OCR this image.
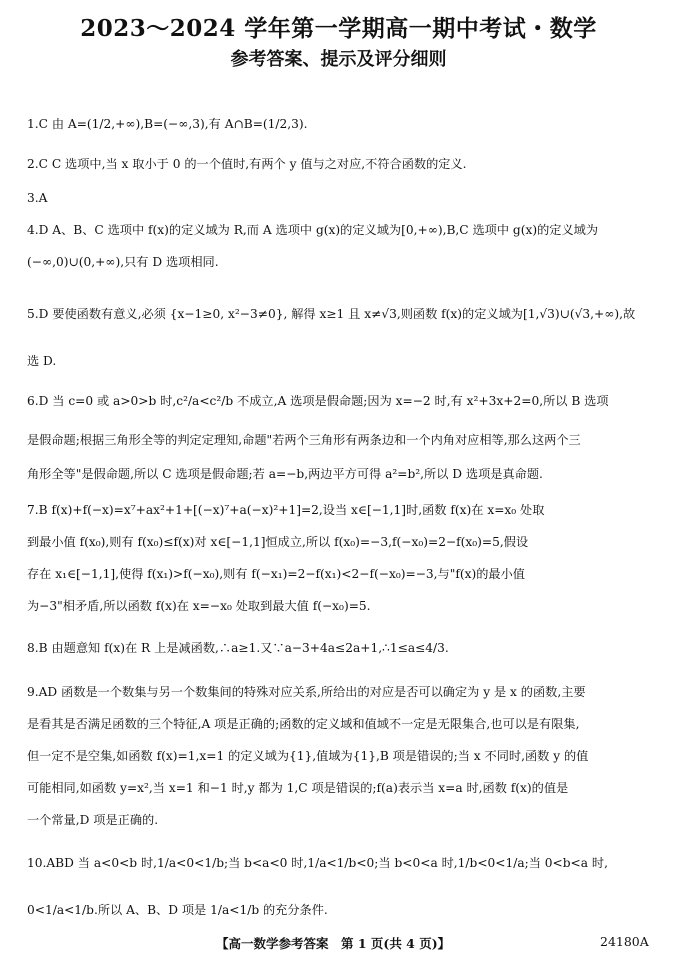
2023～2024 学年第一学期高一期中考试・数学
参考答案、提示及评分细则
1.C 由 A=(1/2,+∞),B=(−∞,3),有 A∩B=(1/2,3).
2.C C 选项中,当 x 取小于 0 的一个值时,有两个 y 值与之对应,不符合函数的定义.
3.A
4.D A、B、C 选项中 f(x)的定义域为 R,而 A 选项中 g(x)的定义域为[0,+∞),B,C 选项中 g(x)的定义域为
(−∞,0)∪(0,+∞),只有 D 选项相同.
5.D 要使函数有意义,必须 {x−1≥0, x²−3≠0}, 解得 x≥1 且 x≠√3,则函数 f(x)的定义域为[1,√3)∪(√3,+∞),故
选 D.
6.D 当 c=0 或 a>0>b 时,c²/a<c²/b 不成立,A 选项是假命题;因为 x=−2 时,有 x²+3x+2=0,所以 B 选项
是假命题;根据三角形全等的判定定理知,命题"若两个三角形有两条边和一个内角对应相等,那么这两个三
角形全等"是假命题,所以 C 选项是假命题;若 a=−b,两边平方可得 a²=b²,所以 D 选项是真命题.
7.B f(x)+f(−x)=x⁷+ax²+1+[(−x)⁷+a(−x)²+1]=2,设当 x∈[−1,1]时,函数 f(x)在 x=x₀ 处取
到最小值 f(x₀),则有 f(x₀)≤f(x)对 x∈[−1,1]恒成立,所以 f(x₀)=−3,f(−x₀)=2−f(x₀)=5,假设
存在 x₁∈[−1,1],使得 f(x₁)>f(−x₀),则有 f(−x₁)=2−f(x₁)<2−f(−x₀)=−3,与"f(x)的最小值
为−3"相矛盾,所以函数 f(x)在 x=−x₀ 处取到最大值 f(−x₀)=5.
8.B 由题意知 f(x)在 R 上是减函数,∴a≥1.又∵a−3+4a≤2a+1,∴1≤a≤4/3.
9.AD 函数是一个数集与另一个数集间的特殊对应关系,所给出的对应是否可以确定为 y 是 x 的函数,主要
是看其是否满足函数的三个特征,A 项是正确的;函数的定义域和值域不一定是无限集合,也可以是有限集,
但一定不是空集,如函数 f(x)=1,x=1 的定义域为{1},值域为{1},B 项是错误的;当 x 不同时,函数 y 的值
可能相同,如函数 y=x²,当 x=1 和−1 时,y 都为 1,C 项是错误的;f(a)表示当 x=a 时,函数 f(x)的值是
一个常量,D 项是正确的.
10.ABD 当 a<0<b 时,1/a<0<1/b;当 b<a<0 时,1/a<1/b<0;当 b<0<a 时,1/b<0<1/a;当 0<b<a 时,
0<1/a<1/b.所以 A、B、D 项是 1/a<1/b 的充分条件.
【高一数学参考答案　第 1 页(共 4 页)】	24180A
